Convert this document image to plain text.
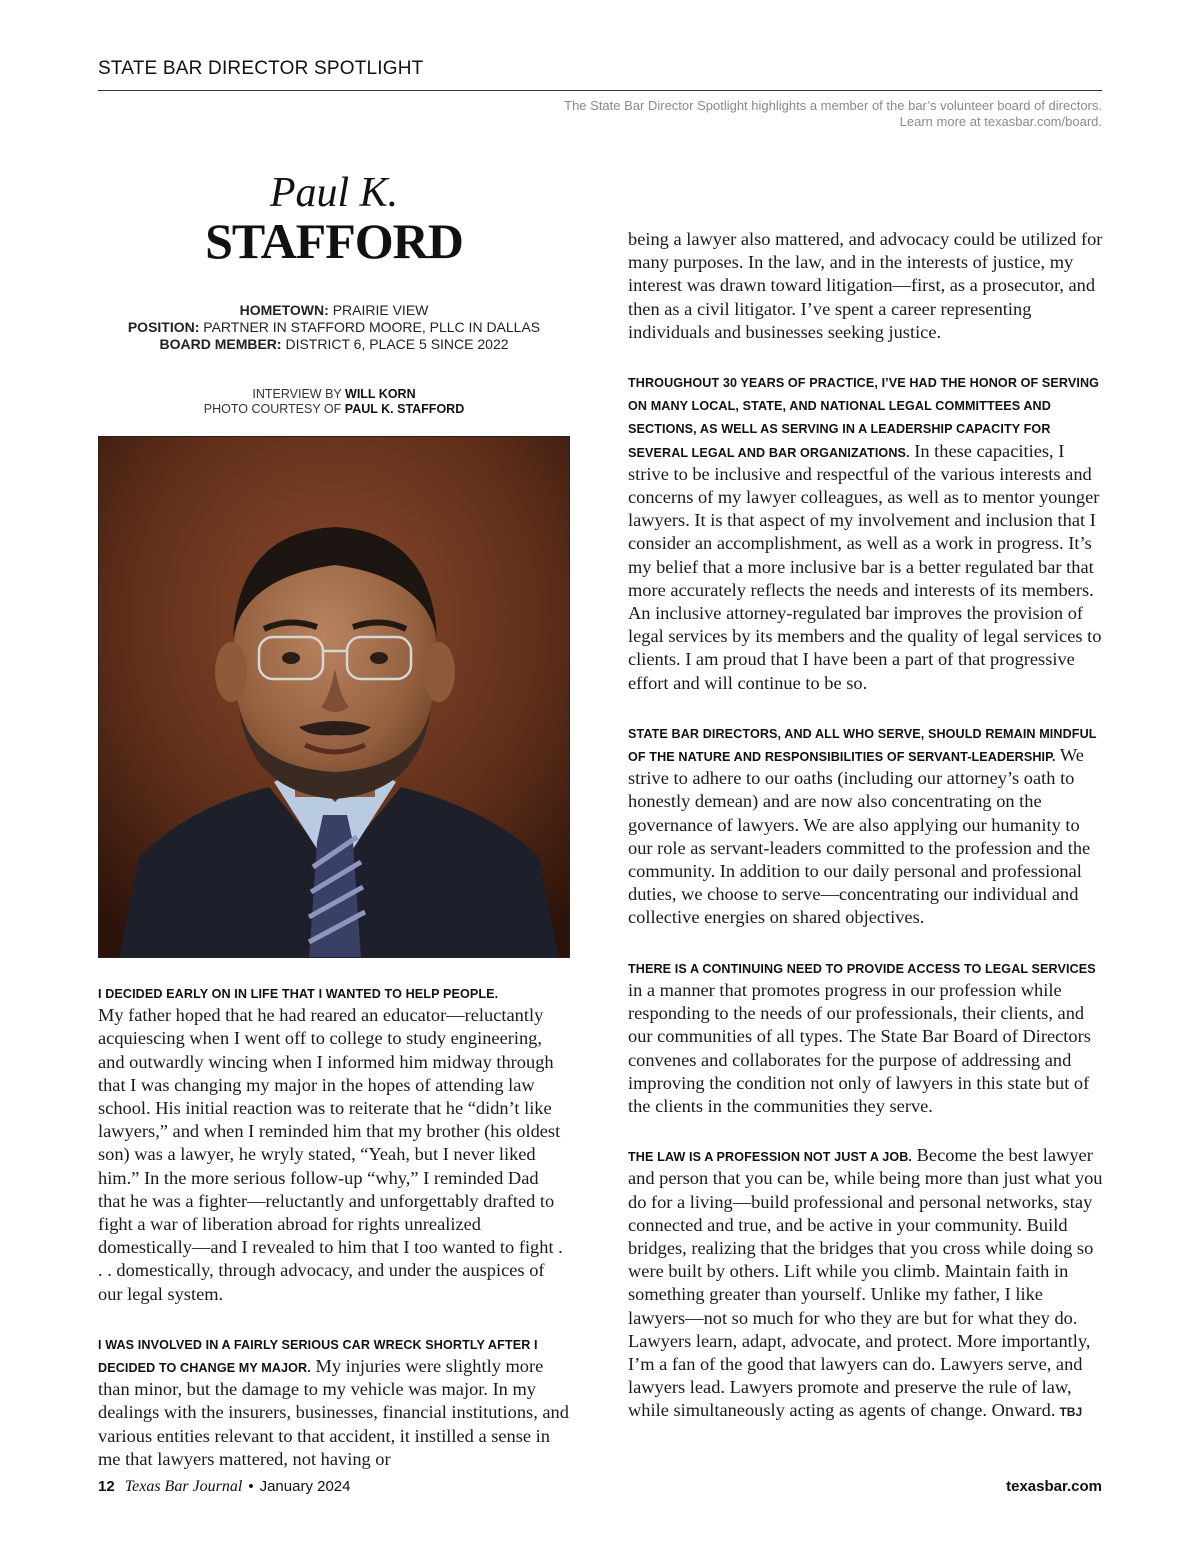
STATE BAR DIRECTOR SPOTLIGHT
The State Bar Director Spotlight highlights a member of the bar’s volunteer board of directors.
Learn more at texasbar.com/board.
Paul K.
STAFFORD
HOMETOWN: PRAIRIE VIEW
POSITION: PARTNER IN STAFFORD MOORE, PLLC IN DALLAS
BOARD MEMBER: DISTRICT 6, PLACE 5 SINCE 2022
INTERVIEW BY WILL KORN
PHOTO COURTESY OF PAUL K. STAFFORD

I DECIDED EARLY ON IN LIFE THAT I WANTED TO HELP PEOPLE.
My father hoped that he had reared an educator—reluctantly acquiescing when I went off to college to study engineering, and outwardly wincing when I informed him midway through that I was changing my major in the hopes of attending law school. His initial reaction was to reiterate that he “didn’t like lawyers,” and when I reminded him that my brother (his oldest son) was a lawyer, he wryly stated, “Yeah, but I never liked him.” In the more serious follow-up “why,” I reminded Dad that he was a fighter—reluctantly and unforgettably drafted to fight a war of liberation abroad for rights unrealized domestically—and I revealed to him that I too wanted to fight . . . domestically, through advocacy, and under the auspices of our legal system.

I WAS INVOLVED IN A FAIRLY SERIOUS CAR WRECK SHORTLY AFTER I DECIDED TO CHANGE MY MAJOR. My injuries were slightly more than minor, but the damage to my vehicle was major. In my dealings with the insurers, businesses, financial institutions, and various entities relevant to that accident, it instilled a sense in me that lawyers mattered, not having or

being a lawyer also mattered, and advocacy could be utilized for many purposes. In the law, and in the interests of justice, my interest was drawn toward litigation—first, as a prosecutor, and then as a civil litigator. I’ve spent a career representing individuals and businesses seeking justice.

THROUGHOUT 30 YEARS OF PRACTICE, I’VE HAD THE HONOR OF SERVING ON MANY LOCAL, STATE, AND NATIONAL LEGAL COMMITTEES AND SECTIONS, AS WELL AS SERVING IN A LEADERSHIP CAPACITY FOR SEVERAL LEGAL AND BAR ORGANIZATIONS. In these capacities, I strive to be inclusive and respectful of the various interests and concerns of my lawyer colleagues, as well as to mentor younger lawyers. It is that aspect of my involvement and inclusion that I consider an accomplishment, as well as a work in progress. It’s my belief that a more inclusive bar is a better regulated bar that more accurately reflects the needs and interests of its members. An inclusive attorney-regulated bar improves the provision of legal services by its members and the quality of legal services to clients. I am proud that I have been a part of that progressive effort and will continue to be so.

STATE BAR DIRECTORS, AND ALL WHO SERVE, SHOULD REMAIN MINDFUL OF THE NATURE AND RESPONSIBILITIES OF SERVANT-LEADERSHIP. We strive to adhere to our oaths (including our attorney’s oath to honestly demean) and are now also concentrating on the governance of lawyers. We are also applying our humanity to our role as servant-leaders committed to the profession and the community. In addition to our daily personal and professional duties, we choose to serve—concentrating our individual and collective energies on shared objectives.

THERE IS A CONTINUING NEED TO PROVIDE ACCESS TO LEGAL SERVICES in a manner that promotes progress in our profession while responding to the needs of our professionals, their clients, and our communities of all types. The State Bar Board of Directors convenes and collaborates for the purpose of addressing and improving the condition not only of lawyers in this state but of the clients in the communities they serve.

THE LAW IS A PROFESSION NOT JUST A JOB. Become the best lawyer and person that you can be, while being more than just what you do for a living—build professional and personal networks, stay connected and true, and be active in your community. Build bridges, realizing that the bridges that you cross while doing so were built by others. Lift while you climb. Maintain faith in something greater than yourself. Unlike my father, I like lawyers—not so much for who they are but for what they do. Lawyers learn, adapt, advocate, and protect. More importantly, I’m a fan of the good that lawyers can do. Lawyers serve, and lawyers lead. Lawyers promote and preserve the rule of law, while simultaneously acting as agents of change. Onward. TBJ

12 Texas Bar Journal • January 2024	texasbar.com
